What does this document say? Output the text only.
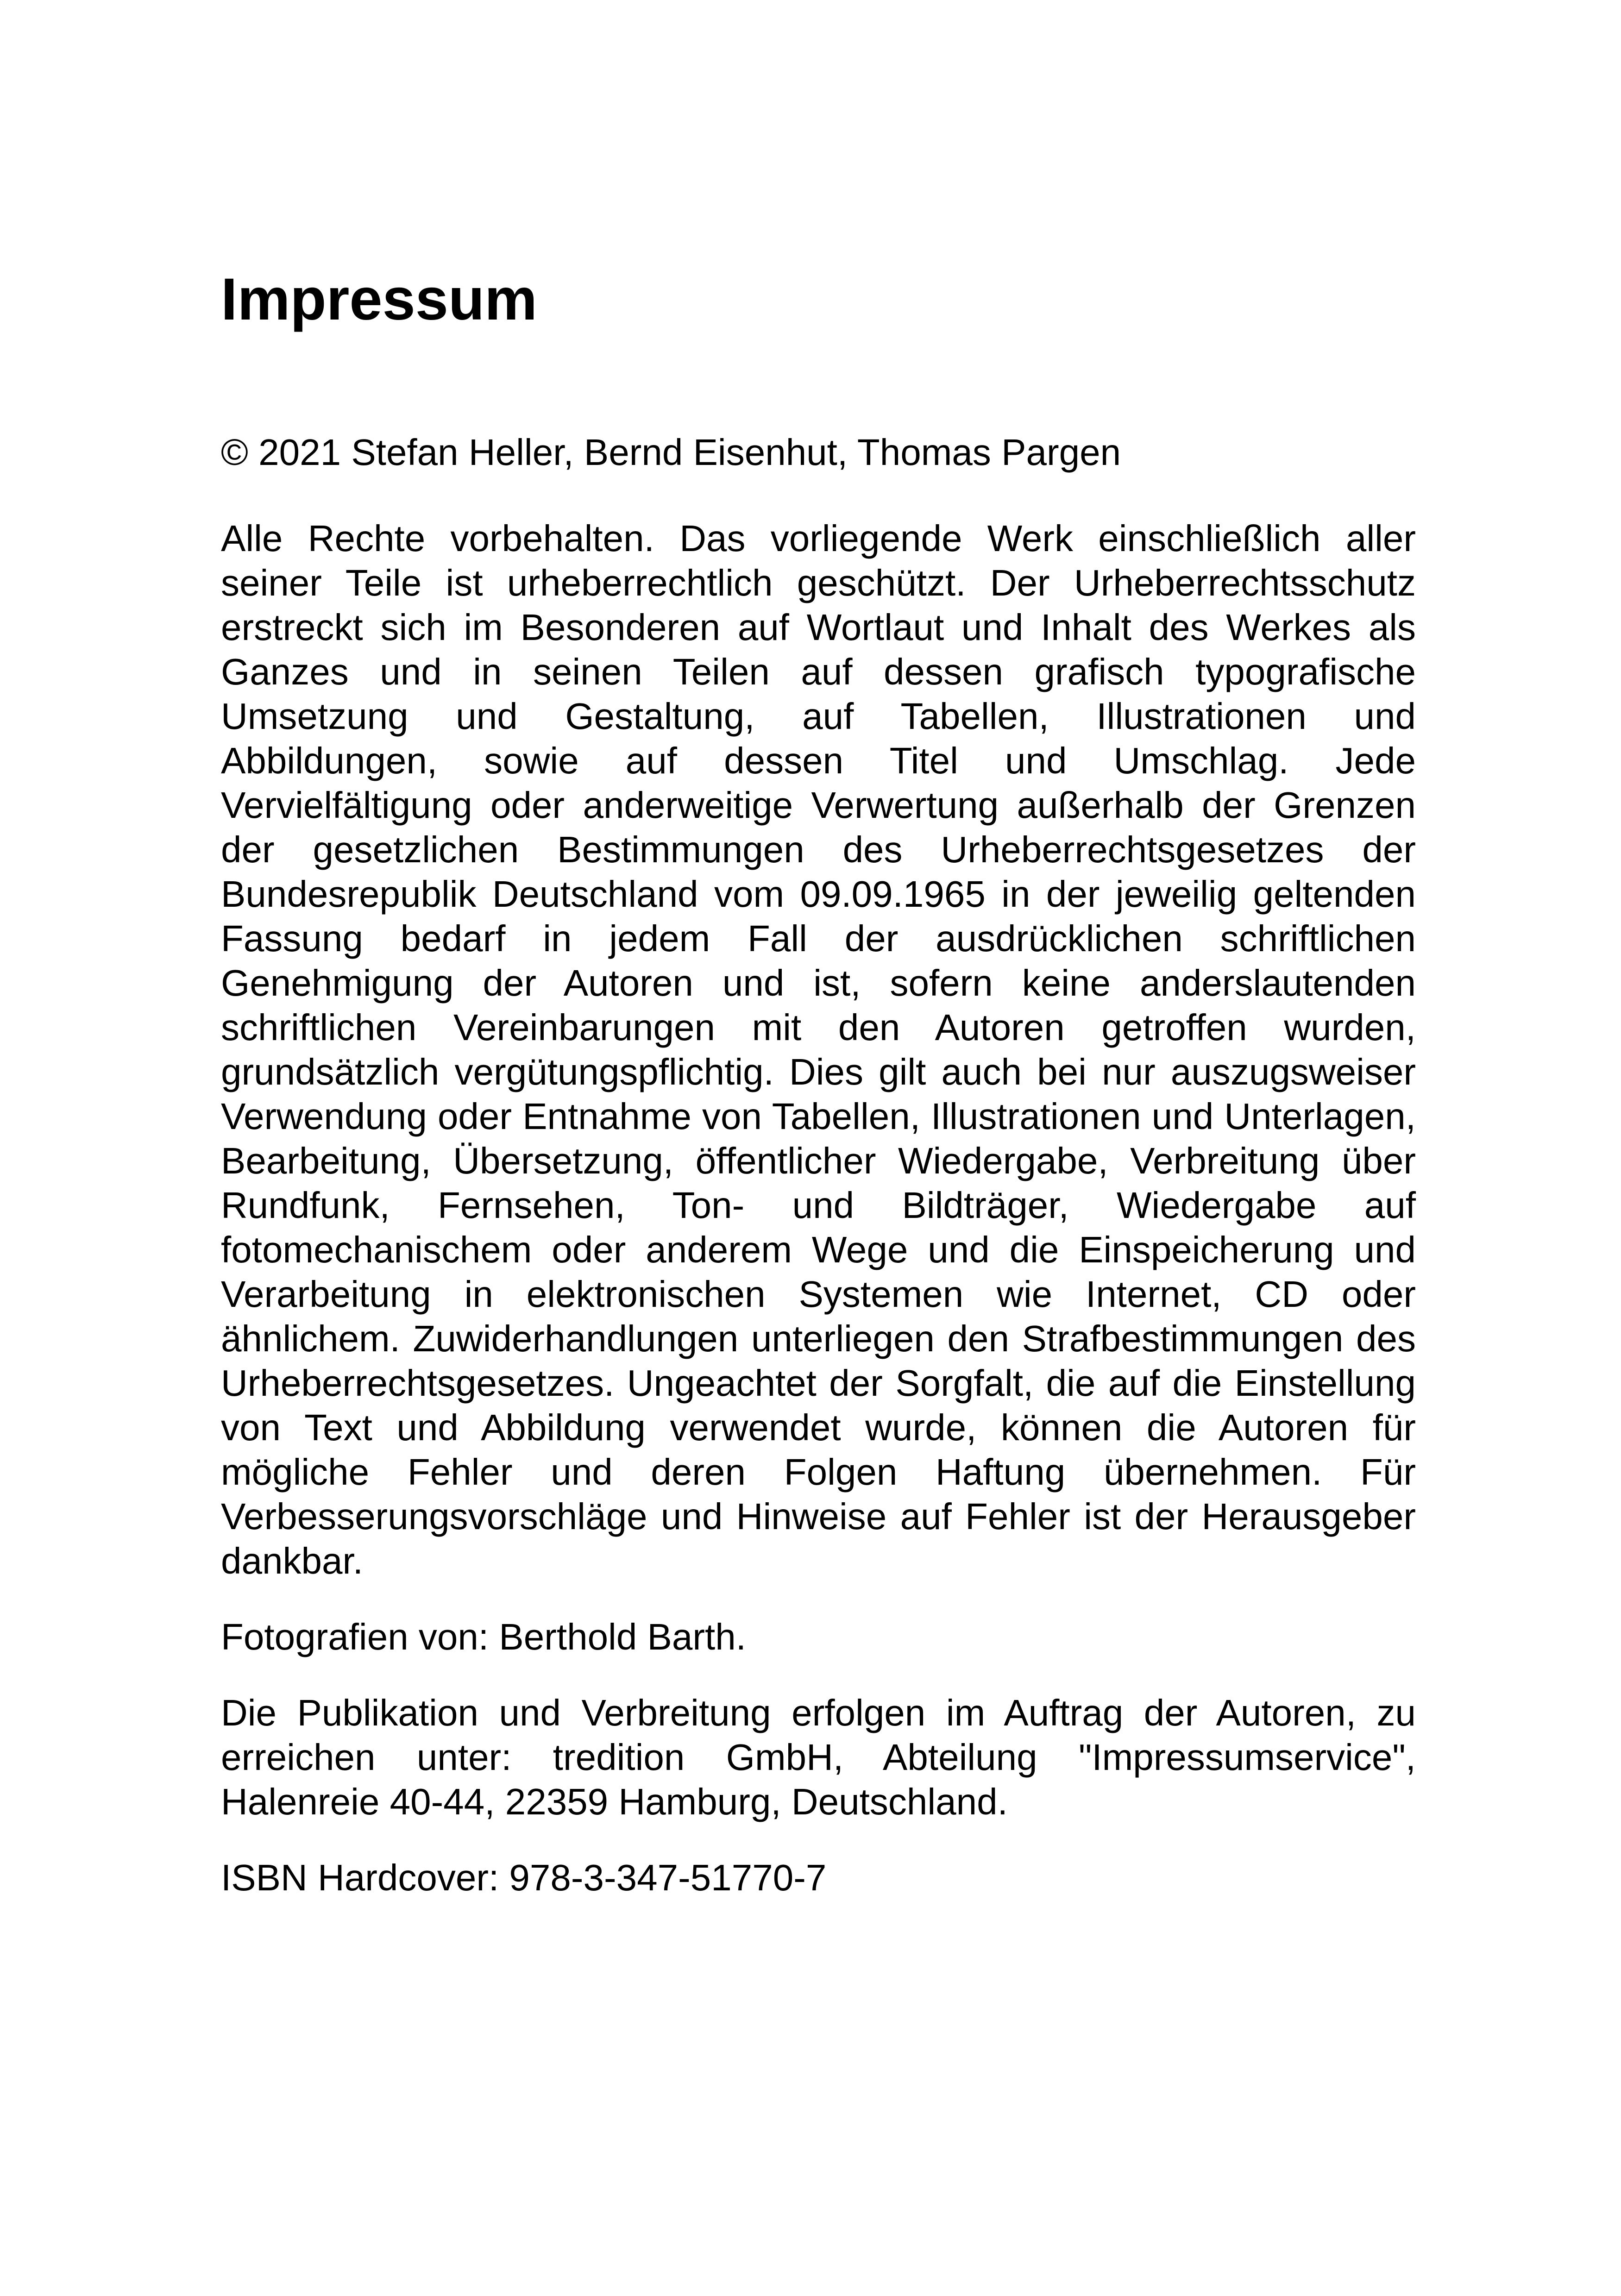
Impressum

© 2021 Stefan Heller, Bernd Eisenhut, Thomas Pargen

Alle Rechte vorbehalten. Das vorliegende Werk einschließlich aller seiner Teile ist urheberrechtlich geschützt. Der Urheberrechtsschutz erstreckt sich im Besonderen auf Wortlaut und Inhalt des Werkes als Ganzes und in seinen Teilen auf dessen grafisch typografische Umsetzung und Gestaltung, auf Tabellen, Illustrationen und Abbildungen, sowie auf dessen Titel und Umschlag. Jede Vervielfältigung oder anderweitige Verwertung außerhalb der Grenzen der gesetzlichen Bestimmungen des Urheberrechtsgesetzes der Bundesrepublik Deutschland vom 09.09.1965 in der jeweilig geltenden Fassung bedarf in jedem Fall der ausdrücklichen schriftlichen Genehmigung der Autoren und ist, sofern keine anderslautenden schriftlichen Vereinbarungen mit den Autoren getroffen wurden, grundsätzlich vergütungspflichtig. Dies gilt auch bei nur auszugsweiser Verwendung oder Entnahme von Tabellen, Illustrationen und Unterlagen, Bearbeitung, Übersetzung, öffentlicher Wiedergabe, Verbreitung über Rundfunk, Fernsehen, Ton- und Bildträger, Wiedergabe auf fotomechanischem oder anderem Wege und die Einspeicherung und Verarbeitung in elektronischen Systemen wie Internet, CD oder ähnlichem. Zuwiderhandlungen unterliegen den Strafbestimmungen des Urheberrechtsgesetzes. Ungeachtet der Sorgfalt, die auf die Einstellung von Text und Abbildung verwendet wurde, können die Autoren für mögliche Fehler und deren Folgen Haftung übernehmen. Für Verbesserungsvorschläge und Hinweise auf Fehler ist der Herausgeber dankbar.

Fotografien von: Berthold Barth.

Die Publikation und Verbreitung erfolgen im Auftrag der Autoren, zu erreichen unter: tredition GmbH, Abteilung "Impressumservice", Halenreie 40-44, 22359 Hamburg, Deutschland.

ISBN Hardcover: 978-3-347-51770-7
